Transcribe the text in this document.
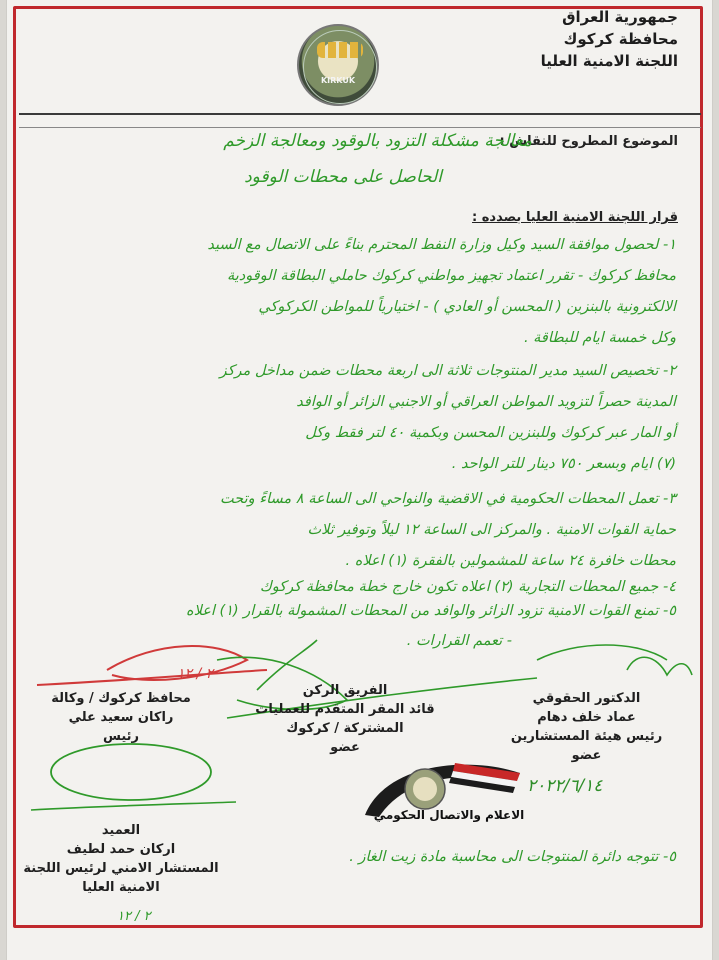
جمهورية العراق
محافظة كركوك
اللجنة الامنية العليا
KIRKUK
الموضوع المطروح للنقاش :
معالجة مشكلة التزود بالوقود ومعالجة الزخم
الحاصل على محطات الوقود
قرار اللجنة الامنية العليا بصدده :
١- لحصول موافقة السيد وكيل وزارة النفط المحترم بناءً على الاتصال مع السيد
محافظ كركوك - تقرر اعتماد تجهيز مواطني كركوك حاملي البطاقة الوقودية
الالكترونية بالبنزين ( المحسن أو العادي ) - اختيارياً للمواطن الكركوكي
وكل خمسة ايام للبطاقة .
٢- تخصيص السيد مدير المنتوجات ثلاثة الى اربعة محطات ضمن مداخل مركز
المدينة حصراً لتزويد المواطن العراقي أو الاجنبي الزائر أو الوافد
أو المار عبر كركوك وللبنزين المحسن وبكمية ٤٠ لتر فقط وكل
(٧) ايام وبسعر ٧٥٠ دينار للتر الواحد .
٣- تعمل المحطات الحكومية في الاقضية والنواحي الى الساعة ٨ مساءً وتحت
حماية القوات الامنية . والمركز الى الساعة ١٢ ليلاً وتوفير ثلاث
محطات خافرة ٢٤ ساعة للمشمولين بالفقرة (١) اعلاه .
٤- جميع المحطات التجارية (٢) اعلاه تكون خارج خطة محافظة كركوك
٥- تمنع القوات الامنية تزود الزائر والوافد من المحطات المشمولة بالقرار (١) اعلاه
- تعمم القرارات .
٢ / ١٢
محافظ كركوك / وكالة
راكان سعيد علي
رئيس
الفريق الركن
قائد المقر المتقدم للعمليات
المشتركة / كركوك
عضو
الدكتور الحقوقي
عماد خلف دهام
رئيس هيئة المستشارين
عضو
الاعلام والاتصال الحكومي
٢٠٢٢/٦/١٤
العميد
اركان حمد لطيف
المستشار الامني لرئيس اللجنة
الامنية العليا
٢ / ١٢
٥- تتوجه دائرة المنتوجات الى محاسبة مادة زيت الغاز .
